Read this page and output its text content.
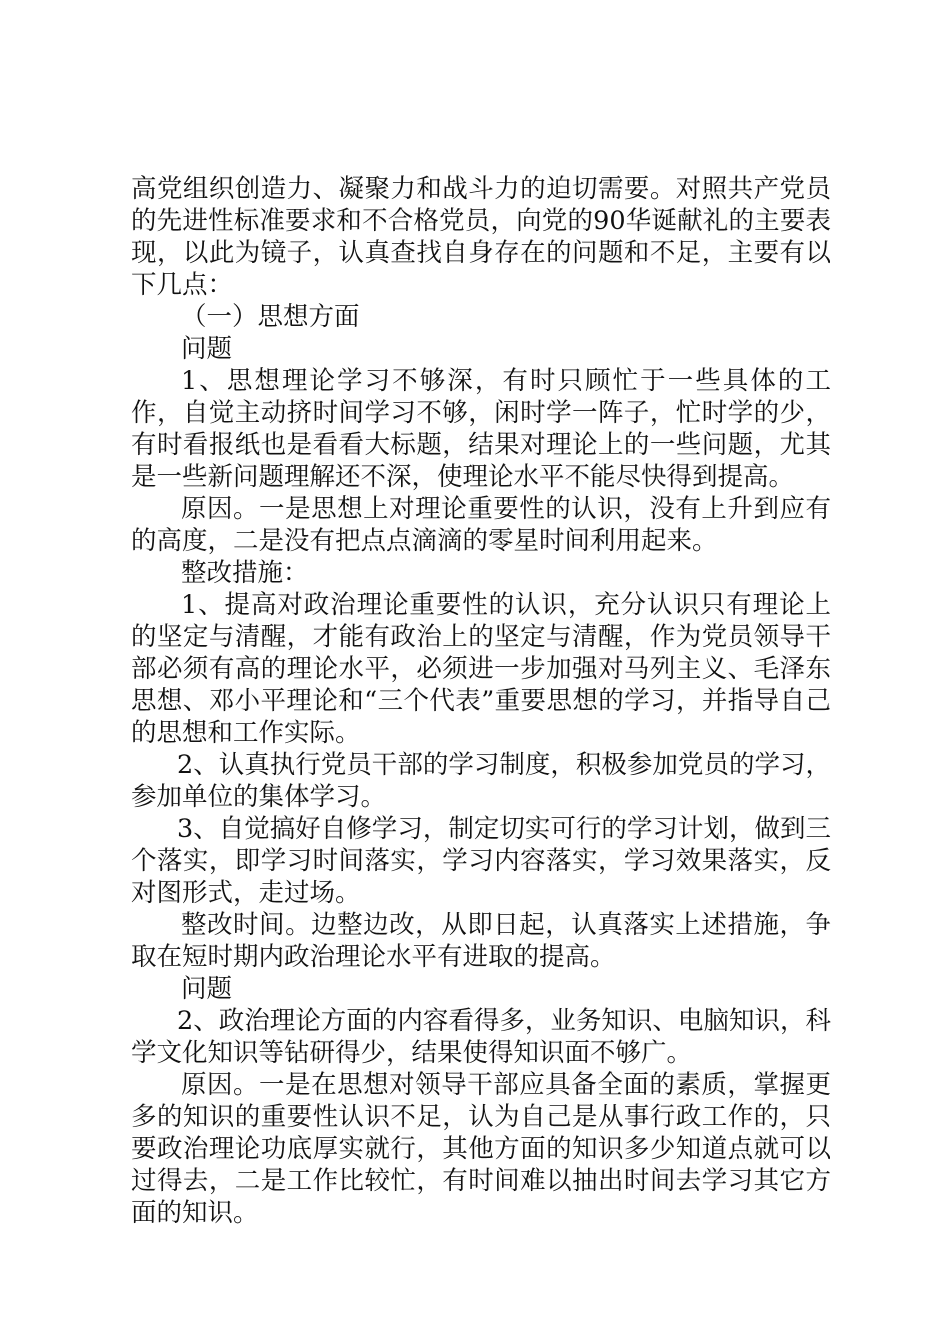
高党组织创造力、凝聚力和战斗力的迫切需要。对照共产党员的先进性标准要求和不合格党员，向党的90华诞献礼的主要表现，以此为镜子，认真查找自身存在的问题和不足，主要有以下几点：

（一）思想方面

问题

1、思想理论学习不够深，有时只顾忙于一些具体的工作，自觉主动挤时间学习不够，闲时学一阵子，忙时学的少，有时看报纸也是看看大标题，结果对理论上的一些问题，尤其是一些新问题理解还不深，使理论水平不能尽快得到提高。

原因。一是思想上对理论重要性的认识，没有上升到应有的高度，二是没有把点点滴滴的零星时间利用起来。

整改措施：

1、提高对政治理论重要性的认识，充分认识只有理论上的坚定与清醒，才能有政治上的坚定与清醒，作为党员领导干部必须有高的理论水平，必须进一步加强对马列主义、毛泽东思想、邓小平理论和“三个代表”重要思想的学习，并指导自己的思想和工作实际。

2、认真执行党员干部的学习制度，积极参加党员的学习，参加单位的集体学习。

3、自觉搞好自修学习，制定切实可行的学习计划，做到三个落实，即学习时间落实，学习内容落实，学习效果落实，反对图形式，走过场。

整改时间。边整边改，从即日起，认真落实上述措施，争取在短时期内政治理论水平有进取的提高。

问题

2、政治理论方面的内容看得多，业务知识、电脑知识，科学文化知识等钻研得少，结果使得知识面不够广。

原因。一是在思想对领导干部应具备全面的素质，掌握更多的知识的重要性认识不足，认为自己是从事行政工作的，只要政治理论功底厚实就行，其他方面的知识多少知道点就可以过得去，二是工作比较忙，有时间难以抽出时间去学习其它方面的知识。
